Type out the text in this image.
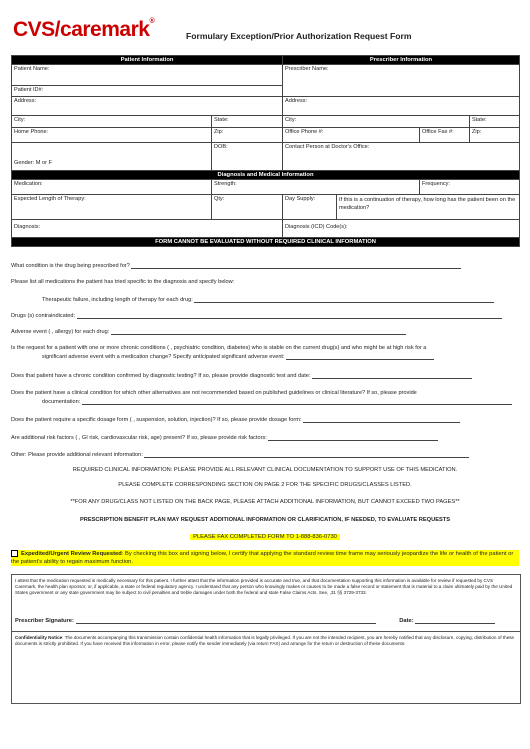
CVS/caremark®
Formulary Exception/Prior Authorization Request Form
Patient Information		Prescriber Information			
Patient Name:		Prescriber Name:			
Patient ID#:					
Address:		Address:			
City:	State:	City:			State:
Home Phone:	Zip:	Office Phone #:		Office Fax #:	Zip:
Gender: M or F	DOB:	Contact Person at Doctor's Office:			
Diagnosis and Medical Information					
Medication:	Strength:			Frequency:	
Expected Length of Therapy:	Qty:	Day Supply:	If this is a continuation of therapy, how long has the patient been on the medication?		
Diagnosis:		Diagnosis (ICD) Code(s):			
FORM CANNOT BE EVALUATED WITHOUT REQUIRED CLINICAL INFORMATION					
What condition is the drug being prescribed for?
Please list all medications the patient has tried specific to the diagnosis and specify below:
Therapeutic failure, including length of therapy for each drug:
Drugs (s) contraindicated:
Adverse event ( , allergy) for each drug:
Is the request for a patient with one or more chronic conditions ( , psychiatric condition, diabetes) who is stable on the current drug(s) and who might be at high risk for a
significant adverse event with a medication change? Specify anticipated significant adverse event:
Does that patient have a chronic condition confirmed by diagnostic testing? If so, please provide diagnostic test and date:
Does the patient have a clinical condition for which other alternatives are not recommended based on published guidelines or clinical literature? If so, please provide
documentation:
Does the patient require a specific dosage form ( , suspension, solution, injection)? If so, please provide dosage form:
Are additional risk factors ( , GI risk, cardiovascular risk, age) present? If so, please provide risk factors:
Other: Please provide additional relevant information:
REQUIRED CLINICAL INFORMATION: PLEASE PROVIDE ALL RELEVANT CLINICAL DOCUMENTATION TO SUPPORT USE OF THIS MEDICATION.
PLEASE COMPLETE CORRESPONDING SECTION ON PAGE 2 FOR THE SPECIFIC DRUGS/CLASSES LISTED.
**FOR ANY DRUG/CLASS NOT LISTED ON THE BACK PAGE, PLEASE ATTACH ADDITIONAL INFORMATION, BUT CANNOT EXCEED TWO PAGES**
PRESCRIPTION BENEFIT PLAN MAY REQUEST ADDITIONAL INFORMATION OR CLARIFICATION, IF NEEDED, TO EVALUATE REQUESTS
PLEASE FAX COMPLETED FORM TO 1-888-836-0730
Expedited/Urgent Review Requested: By checking this box and signing below, I certify that applying the standard review time frame may seriously jeopardize the life or health of the patient or the patient’s ability to regain maximum function.
I attest that the medication requested is medically necessary for this patient. I further attest that the information provided is accurate and true, and that documentation supporting this information is available for review if requested by CVS Caremark, the health plan sponsor, or, if applicable, a state or federal regulatory agency. I understand that any person who knowingly makes or causes to be made a false record or statement that is material to a claim ultimately paid by the United States government or any state government may be subject to civil penalties and treble damages under both the federal and state False Claims Acts. See, ,31 §§ 3729-3733.
Prescriber Signature:	Date:
Confidentiality Notice: The documents accompanying this transmission contain confidential health information that is legally privileged. If you are not the intended recipient, you are hereby notified that any disclosure, copying, distribution of these documents is strictly prohibited. If you have received this information in error, please notify the sender immediately (via return FAX) and arrange for the return or destruction of these documents.
